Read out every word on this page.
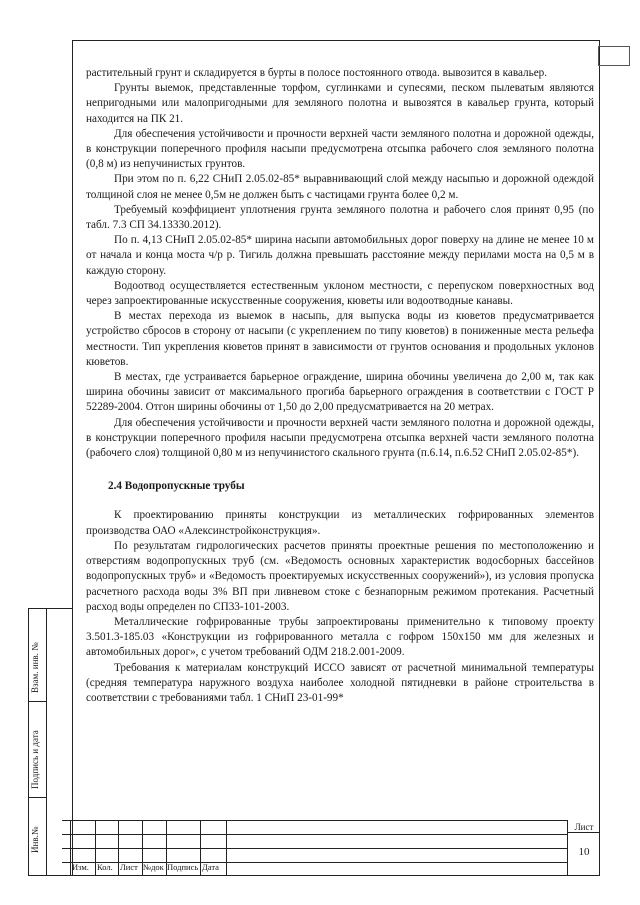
растительный грунт и складируется в бурты в полосе постоянного отвода. вывозится в кавальер.

Грунты выемок, представленные торфом, суглинками и супесями, песком пылеватым являются непригодными или малопригодными для земляного полотна и вывозятся в кавальер грунта, который находится на ПК 21.

Для обеспечения устойчивости и прочности верхней части земляного полотна и дорожной одежды, в конструкции поперечного профиля насыпи предусмотрена отсыпка рабочего слоя земляного полотна (0,8 м) из непучинистых грунтов.

При этом по п. 6,22 СНиП 2.05.02-85* выравнивающий слой между насыпью и дорожной одеждой толщиной слоя не менее 0,5м не должен быть с частицами грунта более 0,2 м.

Требуемый коэффициент уплотнения грунта земляного полотна и рабочего слоя принят 0,95 (по табл. 7.3 СП 34.13330.2012).

По п. 4,13 СНиП 2.05.02-85* ширина насыпи автомобильных дорог поверху на длине не менее 10 м от начала и конца моста ч/р р. Тигиль должна превышать расстояние между перилами моста на 0,5 м в каждую сторону.

Водоотвод осуществляется естественным уклоном местности, с перепуском поверхностных вод через запроектированные искусственные сооружения, кюветы или водоотводные канавы.

В местах перехода из выемок в насыпь, для выпуска воды из кюветов предусматривается устройство сбросов в сторону от насыпи (с укреплением по типу кюветов) в пониженные места рельефа местности. Тип укрепления кюветов принят в зависимости от грунтов основания и продольных уклонов кюветов.

В местах, где устраивается барьерное ограждение, ширина обочины увеличена до 2,00 м, так как ширина обочины зависит от максимального прогиба барьерного ограждения в соответствии с ГОСТ Р 52289-2004. Отгон ширины обочины от 1,50 до 2,00 предусматривается на 20 метрах.

Для обеспечения устойчивости и прочности верхней части земляного полотна и дорожной одежды, в конструкции поперечного профиля насыпи предусмотрена отсыпка верхней части земляного полотна (рабочего слоя) толщиной 0,80 м из непучинистого скального грунта (п.6.14, п.6.52 СНиП 2.05.02-85*).

2.4 Водопропускные трубы

К проектированию приняты конструкции из металлических гофрированных элементов производства ОАО «Алексинстройконструкция».

По результатам гидрологических расчетов приняты проектные решения по местоположению и отверстиям водопропускных труб (см. «Ведомость основных характеристик водосборных бассейнов водопропускных труб» и «Ведомость проектируемых искусственных сооружений»), из условия пропуска расчетного расхода воды 3% ВП при ливневом стоке с безнапорным режимом протекания. Расчетный расход воды определен по СП33-101-2003.

Металлические гофрированные трубы запроектированы применительно к типовому проекту 3.501.3-185.03 «Конструкции из гофрированного металла с гофром 150х150 мм для железных и автомобильных дорог», с учетом требований ОДМ 218.2.001-2009.

Требования к материалам конструкций ИССО зависят от расчетной минимальной температуры (средняя температура наружного воздуха наиболее холодной пятидневки в районе строительства в соответствии с требованиями табл. 1 СНиП 23-01-99*

Взам. инв. №
Подпись и дата
Инв.№
Изм. Кол. Лист №док Подпись Дата
Лист
10
